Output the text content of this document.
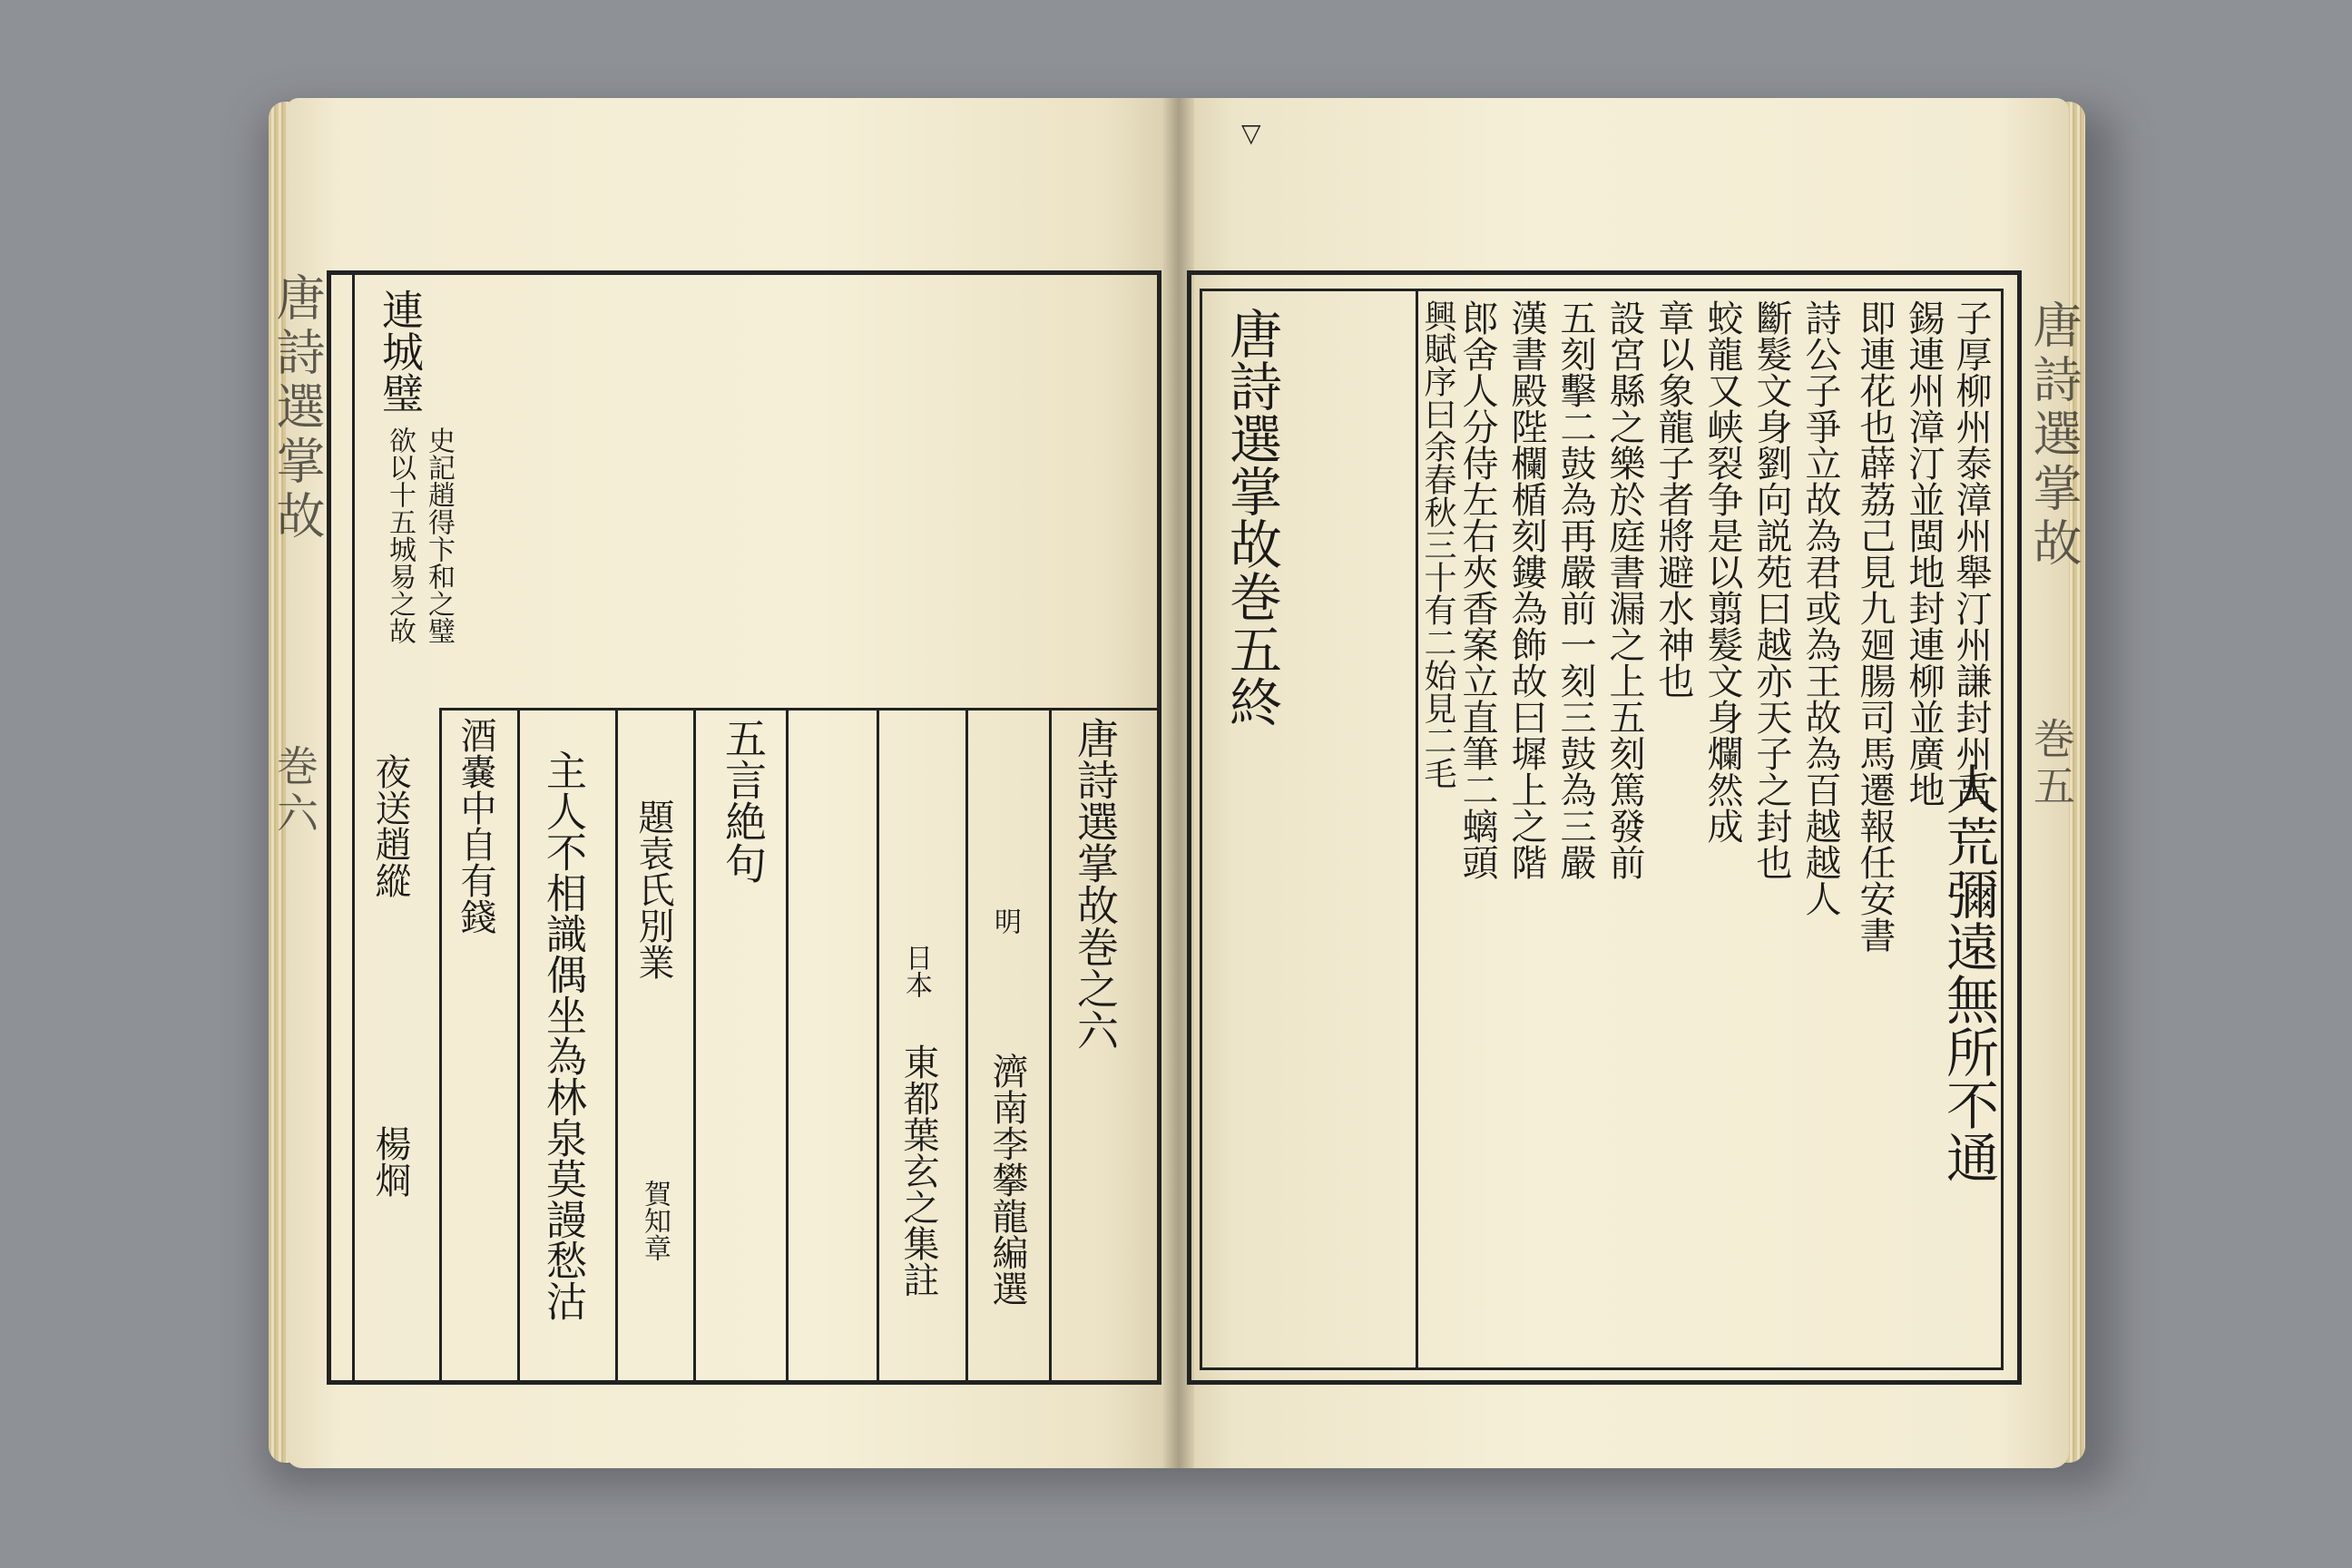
唐詩選掌故
巻六
唐詩選掌故
巻五
連城璧
史記趙得卞和之璧
欲以十五城易之故
唐詩選掌故巻之六
明
濟南李攀龍編選
日本
東都葉玄之集註
五言絶句
題袁氏別業
賀知章
主人不相識偶坐為林泉莫謾愁沽
酒嚢中自有錢
夜送趙縱
楊烱
▽
唐詩選掌故巻五終	子厚柳州泰漳州舉汀州謙封州禹
錫連州漳汀並閩地封連柳並廣地
即連花也薜荔己見九廻腸司馬遷報任安書
大荒彌遠無所不通
詩公子爭立故為君或為王故為百越越人
斷髮文身劉向説苑曰越亦天子之封也
蛟龍又峡裂争是以翦髮文身爛然成
章以象龍子者將避水神也
設宮縣之樂於庭書漏之上五刻篤發前
五刻擊二鼓為再嚴前一刻三鼓為三嚴
漢書殿陛欄楯刻鏤為飾故曰墀上之階
郎舍人分侍左右夾香案立直筆二螭頭
興賦序曰余春秋三十有二始見二毛
